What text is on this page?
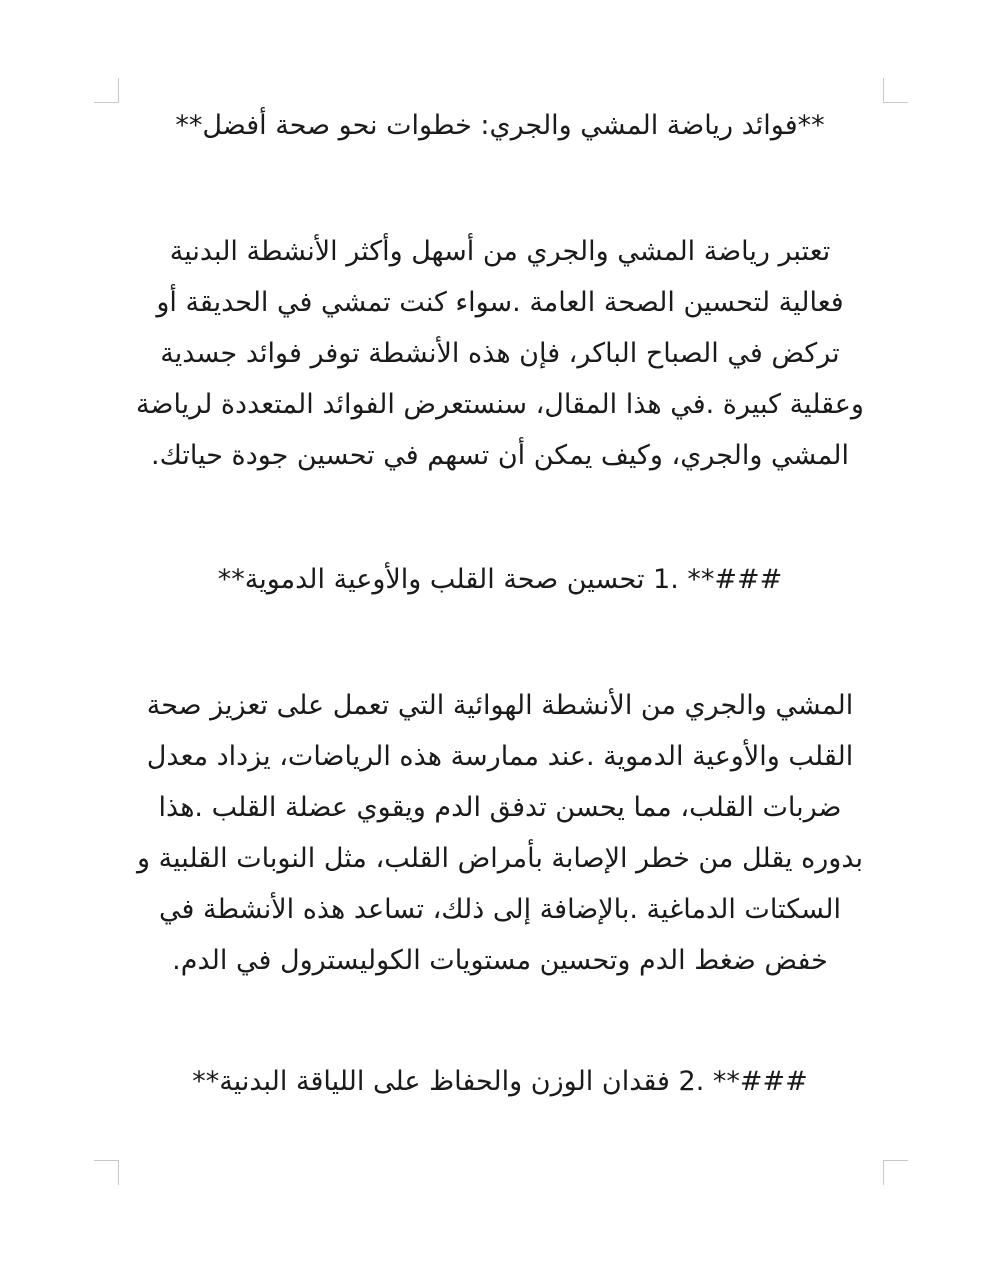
**فوائد رياضة المشي والجري: خطوات نحو صحة أفضل**

تعتبر رياضة المشي والجري من أسهل وأكثر الأنشطة البدنية

فعالية لتحسين الصحة العامة .سواء كنت تمشي في الحديقة أو

تركض في الصباح الباكر، فإن هذه الأنشطة توفر فوائد جسدية

وعقلية كبيرة .في هذا المقال، سنستعرض الفوائد المتعددة لرياضة

المشي والجري، وكيف يمكن أن تسهم في تحسين جودة حياتك.

###** .1 تحسين صحة القلب والأوعية الدموية**

المشي والجري من الأنشطة الهوائية التي تعمل على تعزيز صحة

القلب والأوعية الدموية .عند ممارسة هذه الرياضات، يزداد معدل

ضربات القلب، مما يحسن تدفق الدم ويقوي عضلة القلب .هذا

بدوره يقلل من خطر الإصابة بأمراض القلب، مثل النوبات القلبية و

السكتات الدماغية .بالإضافة إلى ذلك، تساعد هذه الأنشطة في

خفض ضغط الدم وتحسين مستويات الكوليسترول في الدم.

###** .2 فقدان الوزن والحفاظ على اللياقة البدنية**
